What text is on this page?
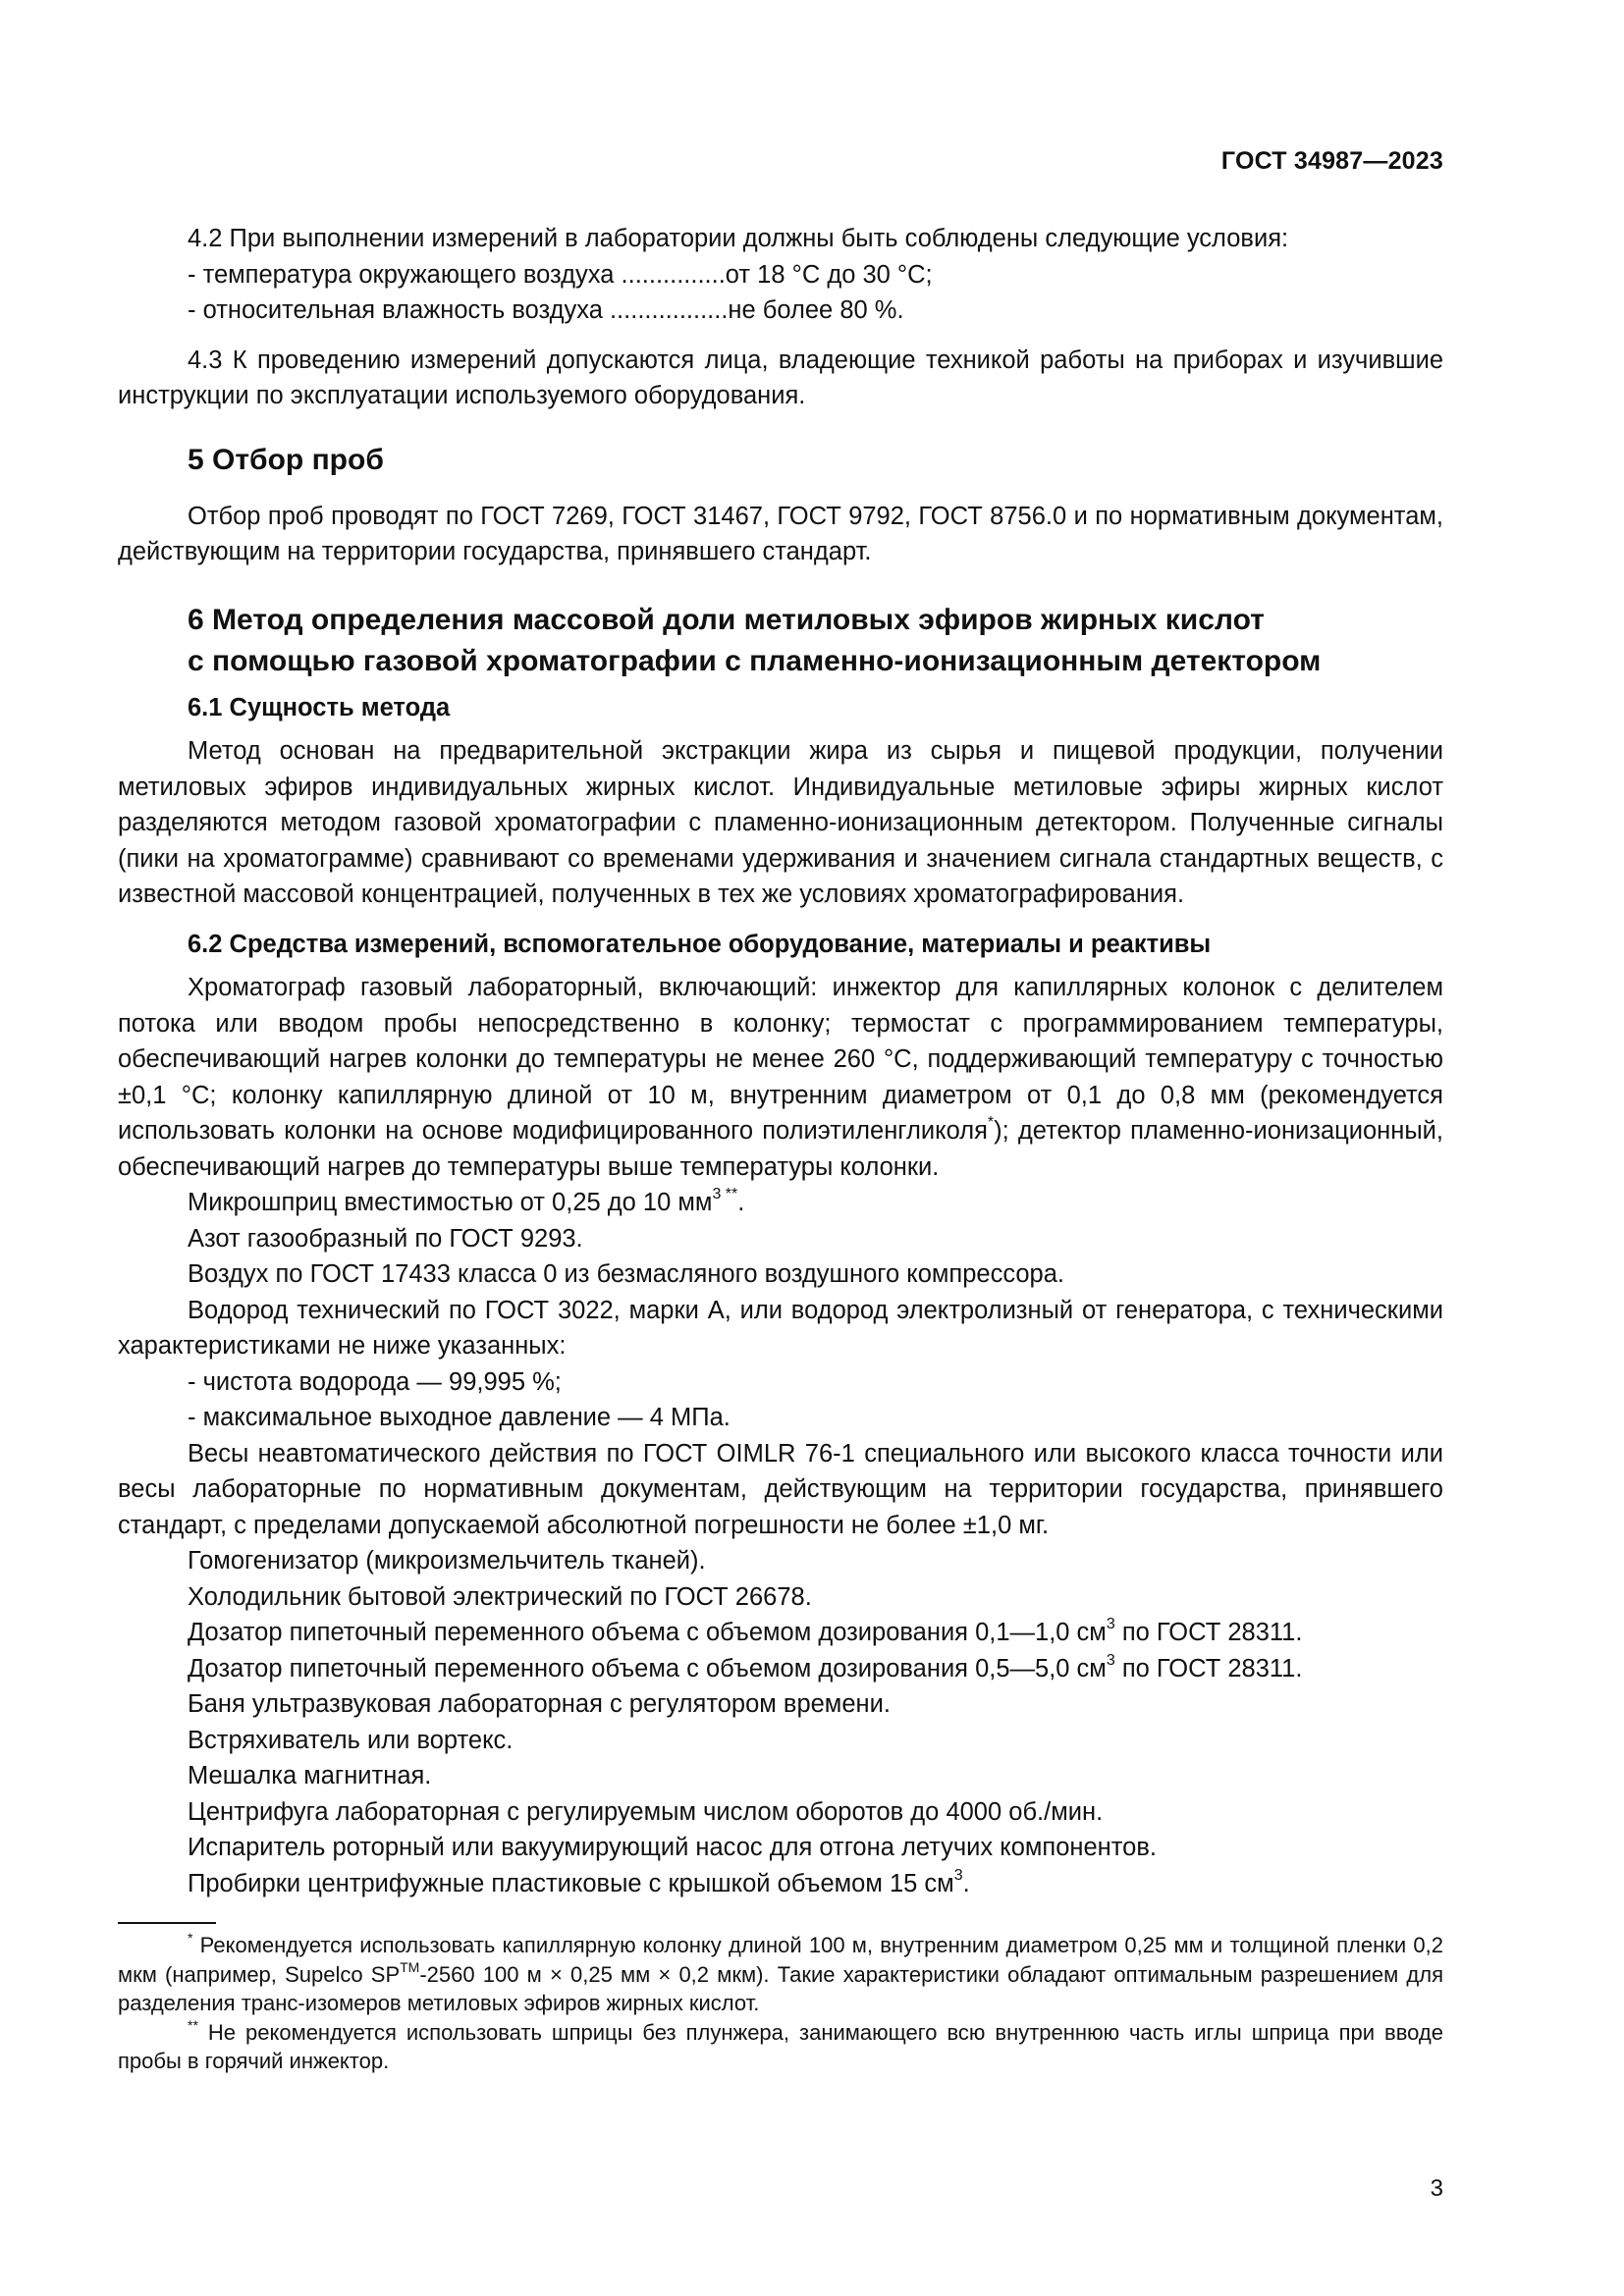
ГОСТ 34987—2023

4.2 При выполнении измерений в лаборатории должны быть соблюдены следующие условия:

- температура окружающего воздуха ...............от 18 °С до 30 °С;

- относительная влажность воздуха .................не более 80 %.

4.3 К проведению измерений допускаются лица, владеющие техникой работы на приборах и изучившие инструкции по эксплуатации используемого оборудования.

5 Отбор проб

Отбор проб проводят по ГОСТ 7269, ГОСТ 31467, ГОСТ 9792, ГОСТ 8756.0 и по нормативным документам, действующим на территории государства, принявшего стандарт.

6 Метод определения массовой доли метиловых эфиров жирных кислот
с помощью газовой хроматографии с пламенно-ионизационным детектором
6.1 Сущность метода

Метод основан на предварительной экстракции жира из сырья и пищевой продукции, получении метиловых эфиров индивидуальных жирных кислот. Индивидуальные метиловые эфиры жирных кислот разделяются методом газовой хроматографии с пламенно-ионизационным детектором. Полученные сигналы (пики на хроматограмме) сравнивают со временами удерживания и значением сигнала стандартных веществ, с известной массовой концентрацией, полученных в тех же условиях хроматографирования.

6.2 Средства измерений, вспомогательное оборудование, материалы и реактивы

Хроматограф газовый лабораторный, включающий: инжектор для капиллярных колонок с делителем потока или вводом пробы непосредственно в колонку; термостат с программированием температуры, обеспечивающий нагрев колонки до температуры не менее 260 °С, поддерживающий температуру с точностью ±0,1 °С; колонку капиллярную длиной от 10 м, внутренним диаметром от 0,1 до 0,8 мм (рекомендуется использовать колонки на основе модифицированного полиэтиленгликоля*); детектор пламенно-ионизационный, обеспечивающий нагрев до температуры выше температуры колонки.

Микрошприц вместимостью от 0,25 до 10 $мм^{3 **}$.

Азот газообразный по ГОСТ 9293.

Воздух по ГОСТ 17433 класса 0 из безмасляного воздушного компрессора.

Водород технический по ГОСТ 3022, марки А, или водород электролизный от генератора, с техническими характеристиками не ниже указанных:

- чистота водорода — 99,995 %;

- максимальное выходное давление — 4 МПа.

Весы неавтоматического действия по ГОСТ OIMLR 76-1 специального или высокого класса точности или весы лабораторные по нормативным документам, действующим на территории государства, принявшего стандарт, с пределами допускаемой абсолютной погрешности не более ±1,0 мг.

Гомогенизатор (микроизмельчитель тканей).

Холодильник бытовой электрический по ГОСТ 26678.

Дозатор пипеточный переменного объема с объемом дозирования 0,1—1,0 $см^3$ по ГОСТ 28311.

Дозатор пипеточный переменного объема с объемом дозирования 0,5—5,0 $см^3$ по ГОСТ 28311.

Баня ультразвуковая лабораторная с регулятором времени.

Встряхиватель или вортекс.

Мешалка магнитная.

Центрифуга лабораторная с регулируемым числом оборотов до 4000 об./мин.

Испаритель роторный или вакуумирующий насос для отгона летучих компонентов.

Пробирки центрифужные пластиковые с крышкой объемом 15 $см^3$.

* Рекомендуется использовать капиллярную колонку длиной 100 м, внутренним диаметром 0,25 мм и толщиной пленки 0,2 мкм (например, Supelco SP™-2560 100 м × 0,25 мм × 0,2 мкм). Такие характеристики обладают оптимальным разрешением для разделения транс-изомеров метиловых эфиров жирных кислот.

** Не рекомендуется использовать шприцы без плунжера, занимающего всю внутреннюю часть иглы шприца при вводе пробы в горячий инжектор.

3
